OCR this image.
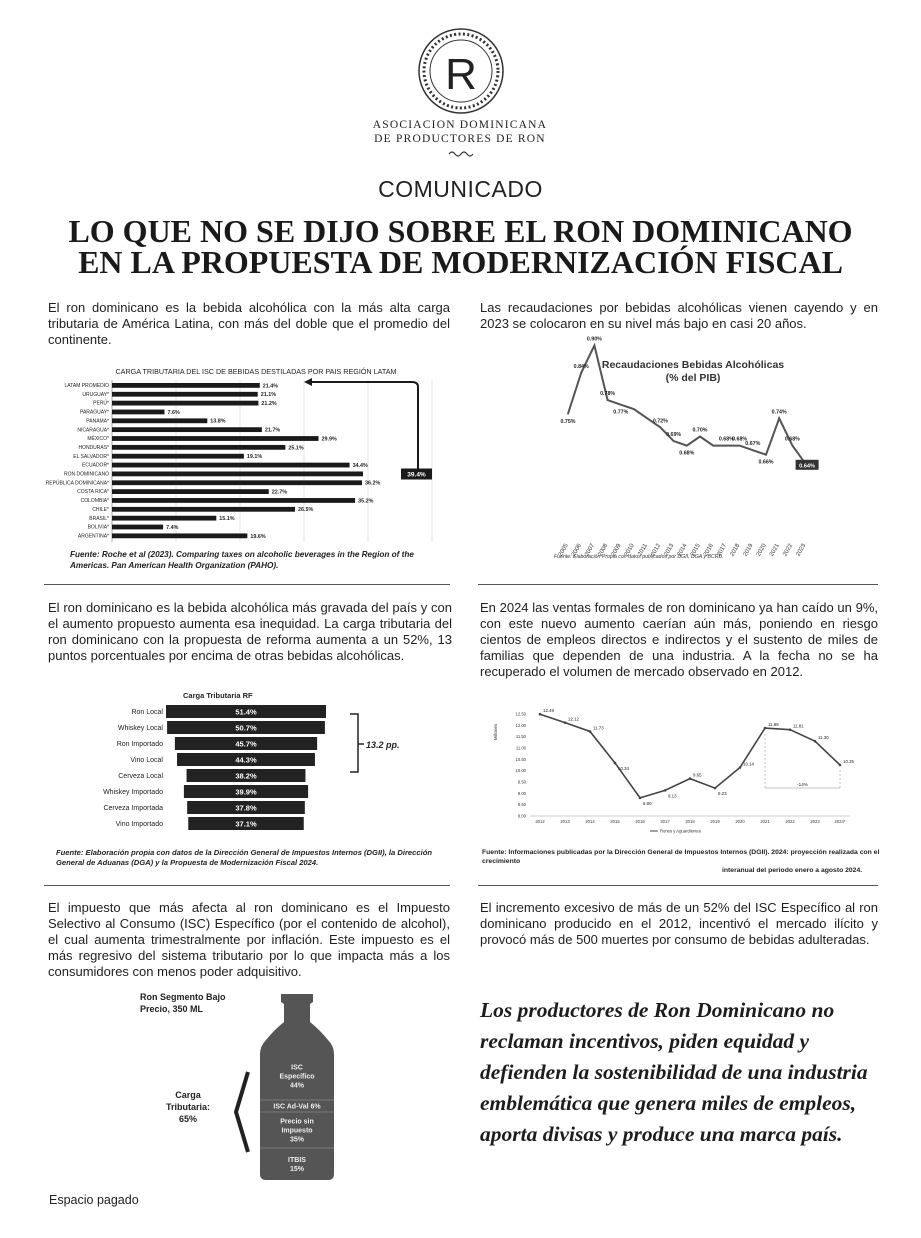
R
ASOCIACION DOMINICANA
DE PRODUCTORES DE RON
COMUNICADO
LO QUE NO SE DIJO SOBRE EL RON DOMINICANO
EN LA PROPUESTA DE MODERNIZACIÓN FISCAL
El ron dominicano es la bebida alcohólica con la más alta carga tributaria de América Latina, con más del doble que el promedio del continente.
CARGA TRIBUTARIA DEL ISC DE BEBIDAS DESTILADAS POR PAIS REGIÓN LATAM
LATAM PROMEDIO	21.4%
URUGUAY*	21.1%
PERÚ*	21.2%
PARAGUAY*	7.6%
PANAMA*	13.8%
NICARAGUA*	21.7%
MÉXICO*	29.9%
HONDURAS*	25.1%
EL SALVADOR*	19.1%
ECUADOR*	34.4%
RON DOMINICANO	39.4%
REPÚBLICA DOMINICANA*	36.2%
COSTA RICA*	22.7%
COLOMBIA*	35.2%
CHILE*	26.5%
BRASIL*	15.1%
BOLIVIA*	7.4%
ARGENTINA*	19.6%
Fuente: Roche et al (2023). Comparing taxes on alcoholic beverages in the Region of the Americas. Pan American Health Organization (PAHO).
Las recaudaciones por bebidas alcohólicas vienen cayendo y en 2023 se colocaron en su nivel más bajo en casi 20 años.
Recaudaciones Bebidas Alcohólicas
(% del PIB)
0.75%
0.84%
0.90%
0.78%
0.77%
0.72%
0.69%
0.68%
0.70%
0.68%
0.68%
0.67%
0.66%
0.74%
0.68%
0.64%
2005 2006 2007 2008 2009 2010 2011 2012 2013 2014 2015 2016 2017 2018 2019 2020 2021 2022 2023
Fuente: Elaboración Propia con datos publicados por DGII, DGA y BCRD.
El ron dominicano es la bebida alcohólica más gravada del país y con el aumento propuesto aumenta esa inequidad. La carga tributaria del ron dominicano con la propuesta de reforma aumenta a un 52%, 13 puntos porcentuales por encima de otras bebidas alcohólicas.
Carga Tributaria RF
Ron Local	51.4%
Whiskey Local	50.7%
Ron Importado	45.7%
Vino Local	44.3%
Cerveza Local	38.2%
Whiskey Importado	39.9%
Cerveza Importada	37.8%
Vino Importado	37.1%
13.2 pp.
Fuente: Elaboración propia con datos de la Dirección General de Impuestos Internos (DGII), la Dirección General de Aduanas (DGA) y la Propuesta de Modernización Fiscal 2024.
En 2024 las ventas formales de ron dominicano ya han caído un 9%, con este nuevo aumento caerían aún más, poniendo en riesgo cientos de empleos directos e indirectos y el sustento de miles de familias que dependen de una industria. A la fecha no se ha recuperado el volumen de mercado observado en 2012.
Millones
12.50
12.00
11.50
11.00
10.50
10.00
9.50
9.00
8.50
8.00
12.49
2012
12.12
2013
11.73
2014
10.34
2015
8.80
2016
9.13
2017
9.65
2018
9.23
2019
10.14
2020
11.88
2021
11.81
2022
11.30
2023
10.25
2024*
-14%
Rones y Aguardientes
Fuente: Informaciones publicadas por la Dirección General de Impuestos Internos (DGII). 2024: proyección realizada con el crecimiento
interanual del periodo enero a agosto 2024.
El impuesto que más afecta al ron dominicano es el Impuesto Selectivo al Consumo (ISC) Específico (por el contenido de alcohol), el cual aumenta trimestralmente por inflación. Este impuesto es el más regresivo del sistema tributario por lo que impacta más a los consumidores con menos poder adquisitivo.
Ron Segmento Bajo
Precio, 350 ML
ISC
Específico
44%
ISC Ad-Val 6%
Precio sin
Impuesto
35%
ITBIS
15%
Carga
Tributaria:
65%
El incremento excesivo de más de un 52% del ISC Específico al ron dominicano producido en el 2012, incentivó el mercado ilícito y provocó más de 500 muertes por consumo de bebidas adulteradas.
Los productores de Ron Dominicano no reclaman incentivos, piden equidad y defienden la sostenibilidad de una industria emblemática que genera miles de empleos, aporta divisas y produce una marca país.
Espacio pagado
